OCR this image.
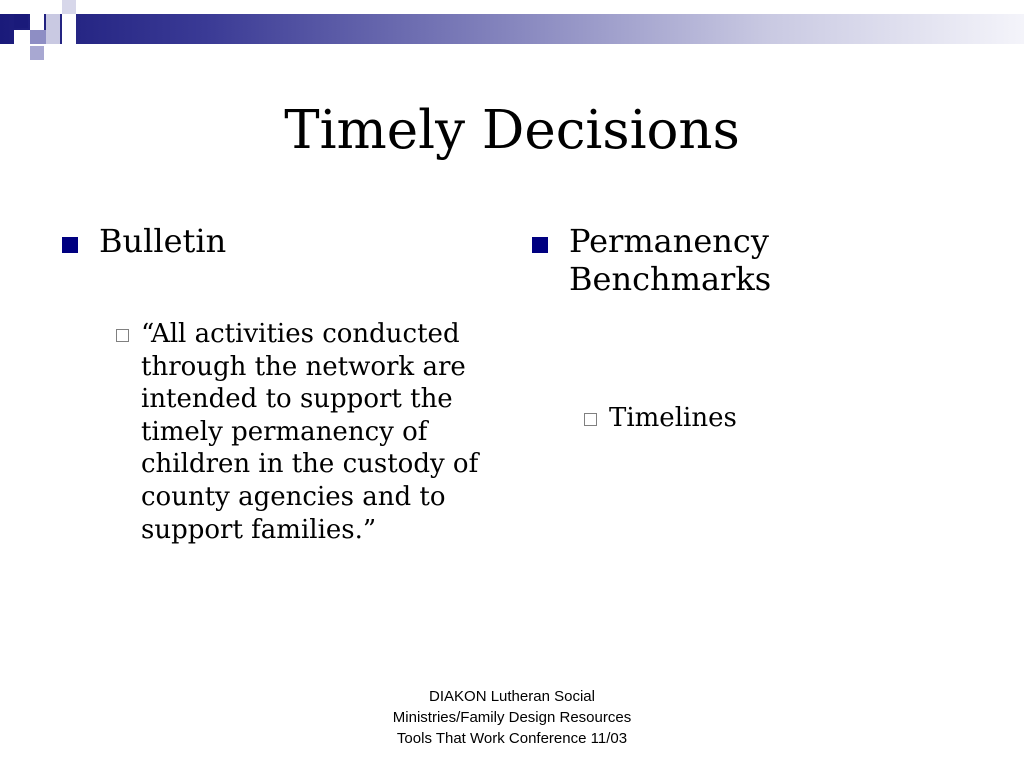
Timely Decisions
Bulletin
“All activities conducted through the network are intended to support the timely permanency of children in the custody of county agencies and to support families.”
Permanency Benchmarks
Timelines
DIAKON Lutheran Social
Ministries/Family Design Resources
Tools That Work Conference 11/03
